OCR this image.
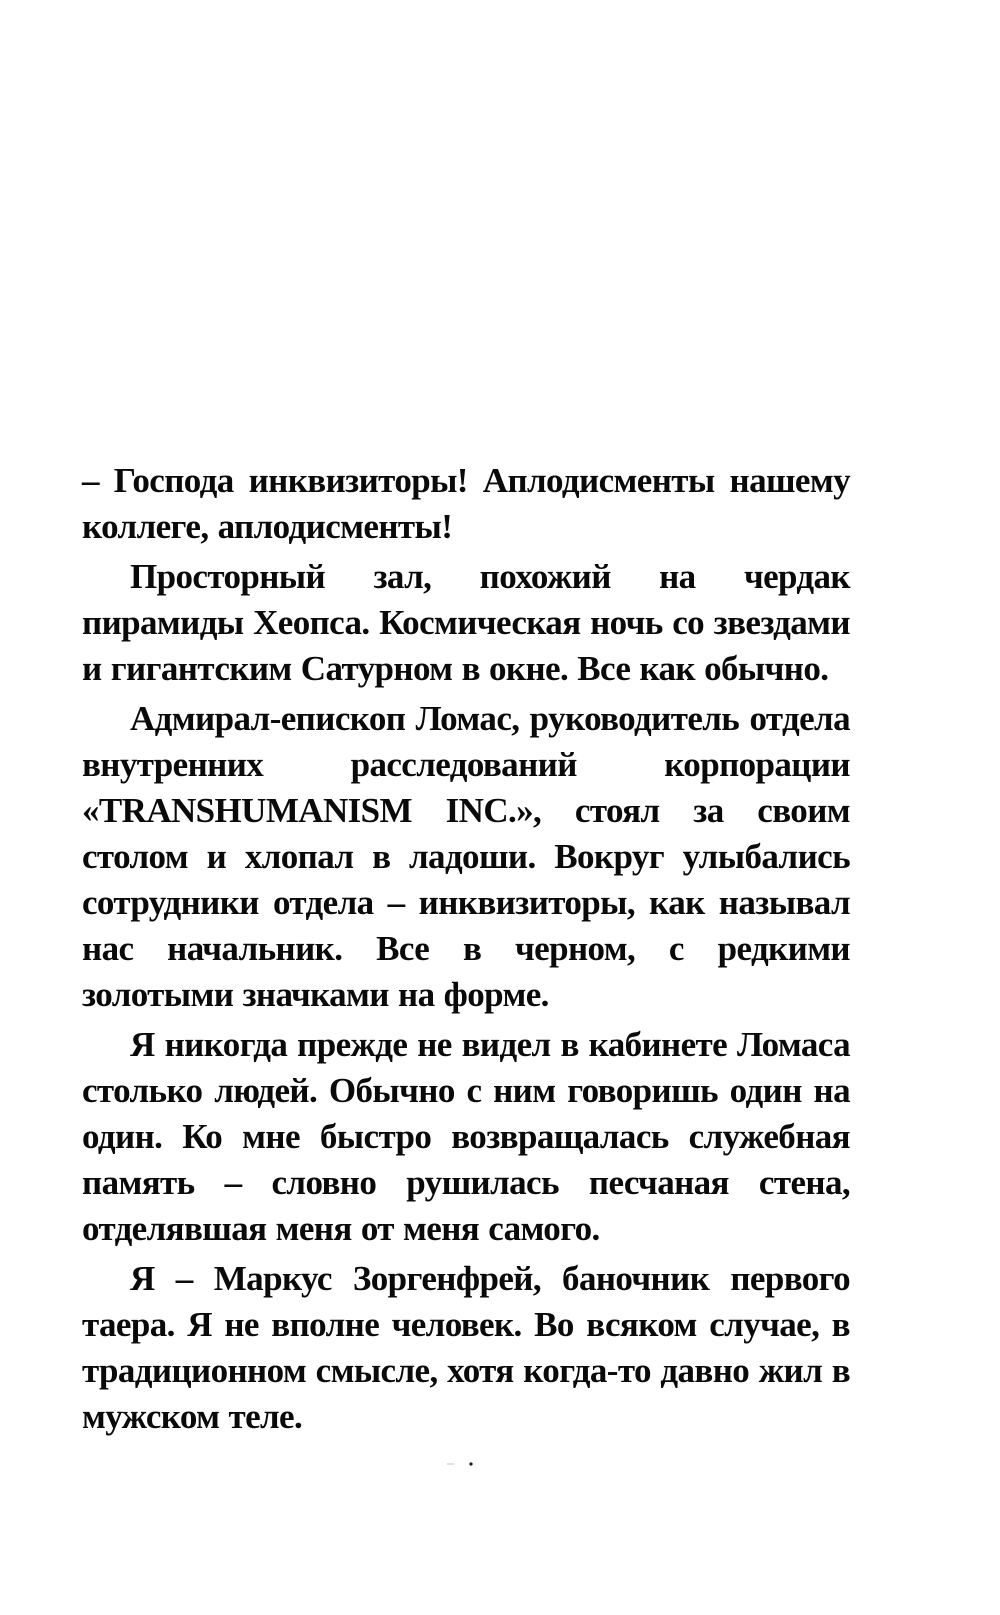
– Господа инквизиторы! Аплодисменты нашему коллеге, аплодисменты!

Просторный зал, похожий на чердак пирамиды Хеопса. Космическая ночь со звездами и гигантским Сатурном в окне. Все как обычно.

Адмирал-епископ Ломас, руководитель отдела внутренних расследований корпорации «TRANSHUMANISM INC.», стоял за своим столом и хлопал в ладоши. Вокруг улыбались сотрудники отдела – инквизиторы, как называл нас начальник. Все в черном, с редкими золотыми значками на форме.

Я никогда прежде не видел в кабинете Ломаса столько людей. Обычно с ним говоришь один на один. Ко мне быстро возвращалась служебная память – словно рушилась песчаная стена, отделявшая меня от меня самого.

Я – Маркус Зоргенфрей, баночник первого таера. Я не вполне человек. Во всяком случае, в традиционном смысле, хотя когда-то давно жил в мужском теле.
